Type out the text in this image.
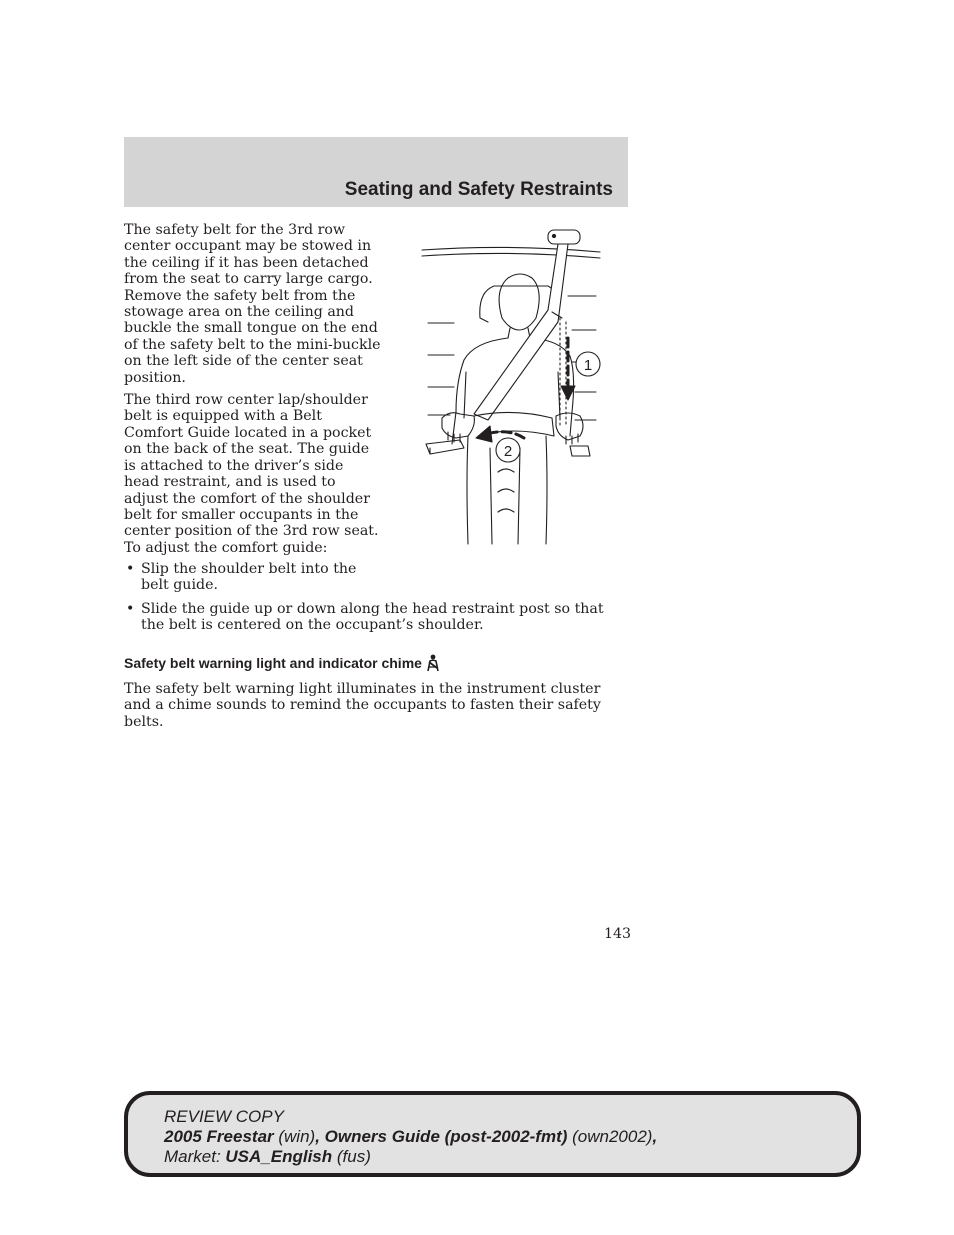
Seating and Safety Restraints

The safety belt for the 3rd row center occupant may be stowed in the ceiling if it has been detached from the seat to carry large cargo. Remove the safety belt from the stowage area on the ceiling and buckle the small tongue on the end of the safety belt to the mini-buckle on the left side of the center seat position.

The third row center lap/shoulder belt is equipped with a Belt Comfort Guide located in a pocket on the back of the seat. The guide is attached to the driver’s side head restraint, and is used to adjust the comfort of the shoulder belt for smaller occupants in the center position of the 3rd row seat. To adjust the comfort guide:

• Slip the shoulder belt into the belt guide.
• Slide the guide up or down along the head restraint post so that the belt is centered on the occupant’s shoulder.
Safety belt warning light and indicator chime
The safety belt warning light illuminates in the instrument cluster and a chime sounds to remind the occupants to fasten their safety belts.
143
1
2
REVIEW COPY
2005 Freestar (win), Owners Guide (post-2002-fmt) (own2002),
Market: USA_English (fus)
